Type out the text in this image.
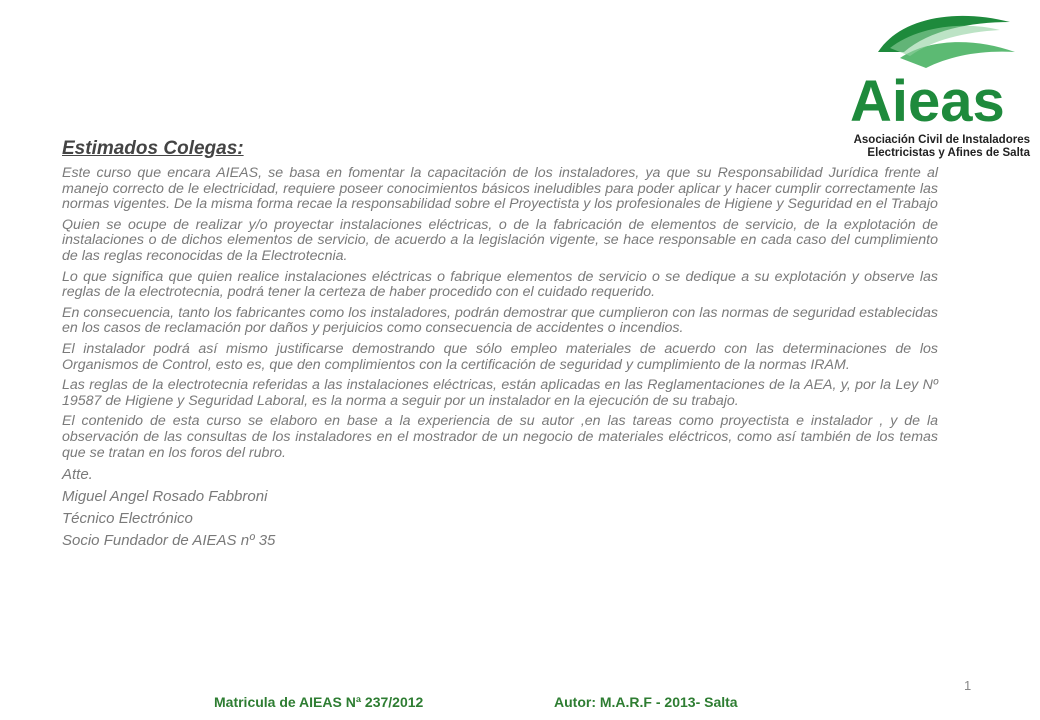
Aieas
Asociación Civil de Instaladores
Electricistas y Afines de Salta
Estimados Colegas:

Este curso que encara AIEAS, se basa en fomentar la capacitación de los instaladores, ya que su Responsabilidad Jurídica frente al manejo correcto de le electricidad, requiere poseer conocimientos básicos ineludibles para poder aplicar y hacer cumplir correctamente las normas vigentes. De la misma forma recae la responsabilidad sobre el Proyectista y los profesionales de Higiene y Seguridad en el Trabajo

Quien se ocupe de realizar y/o proyectar instalaciones eléctricas, o de la fabricación de elementos de servicio, de la explotación de instalaciones o de dichos elementos de servicio, de acuerdo a la legislación vigente, se hace responsable en cada caso del cumplimiento de las reglas reconocidas de la Electrotecnia.

Lo que significa que quien realice instalaciones eléctricas o fabrique elementos de servicio o se dedique a su explotación y observe las reglas de la electrotecnia, podrá tener la certeza de haber procedido con el cuidado requerido.

En consecuencia, tanto los fabricantes como los instaladores, podrán demostrar que cumplieron con las normas de seguridad establecidas en los casos de reclamación por daños y perjuicios como consecuencia de accidentes o incendios.

El instalador podrá así mismo justificarse demostrando que sólo empleo materiales de acuerdo con las determinaciones de los Organismos de Control, esto es, que den complimientos con la certificación de seguridad y cumplimiento de la normas IRAM.

Las reglas de la electrotecnia referidas a las instalaciones eléctricas, están aplicadas en las Reglamentaciones de la AEA, y, por la Ley Nº 19587 de Higiene y Seguridad Laboral, es la norma a seguir por un instalador en la ejecución de su trabajo.

El contenido de esta curso se elaboro en base a la experiencia de su autor ,en las tareas como proyectista e instalador , y de la observación de las consultas de los instaladores en el mostrador de un negocio de materiales eléctricos, como así también de los temas que se tratan en los foros del rubro.

Atte.

Miguel Angel Rosado Fabbroni

Técnico Electrónico

Socio Fundador de AIEAS nº 35

1
Matricula de AIEAS Nª 237/2012	Autor: M.A.R.F - 2013- Salta
